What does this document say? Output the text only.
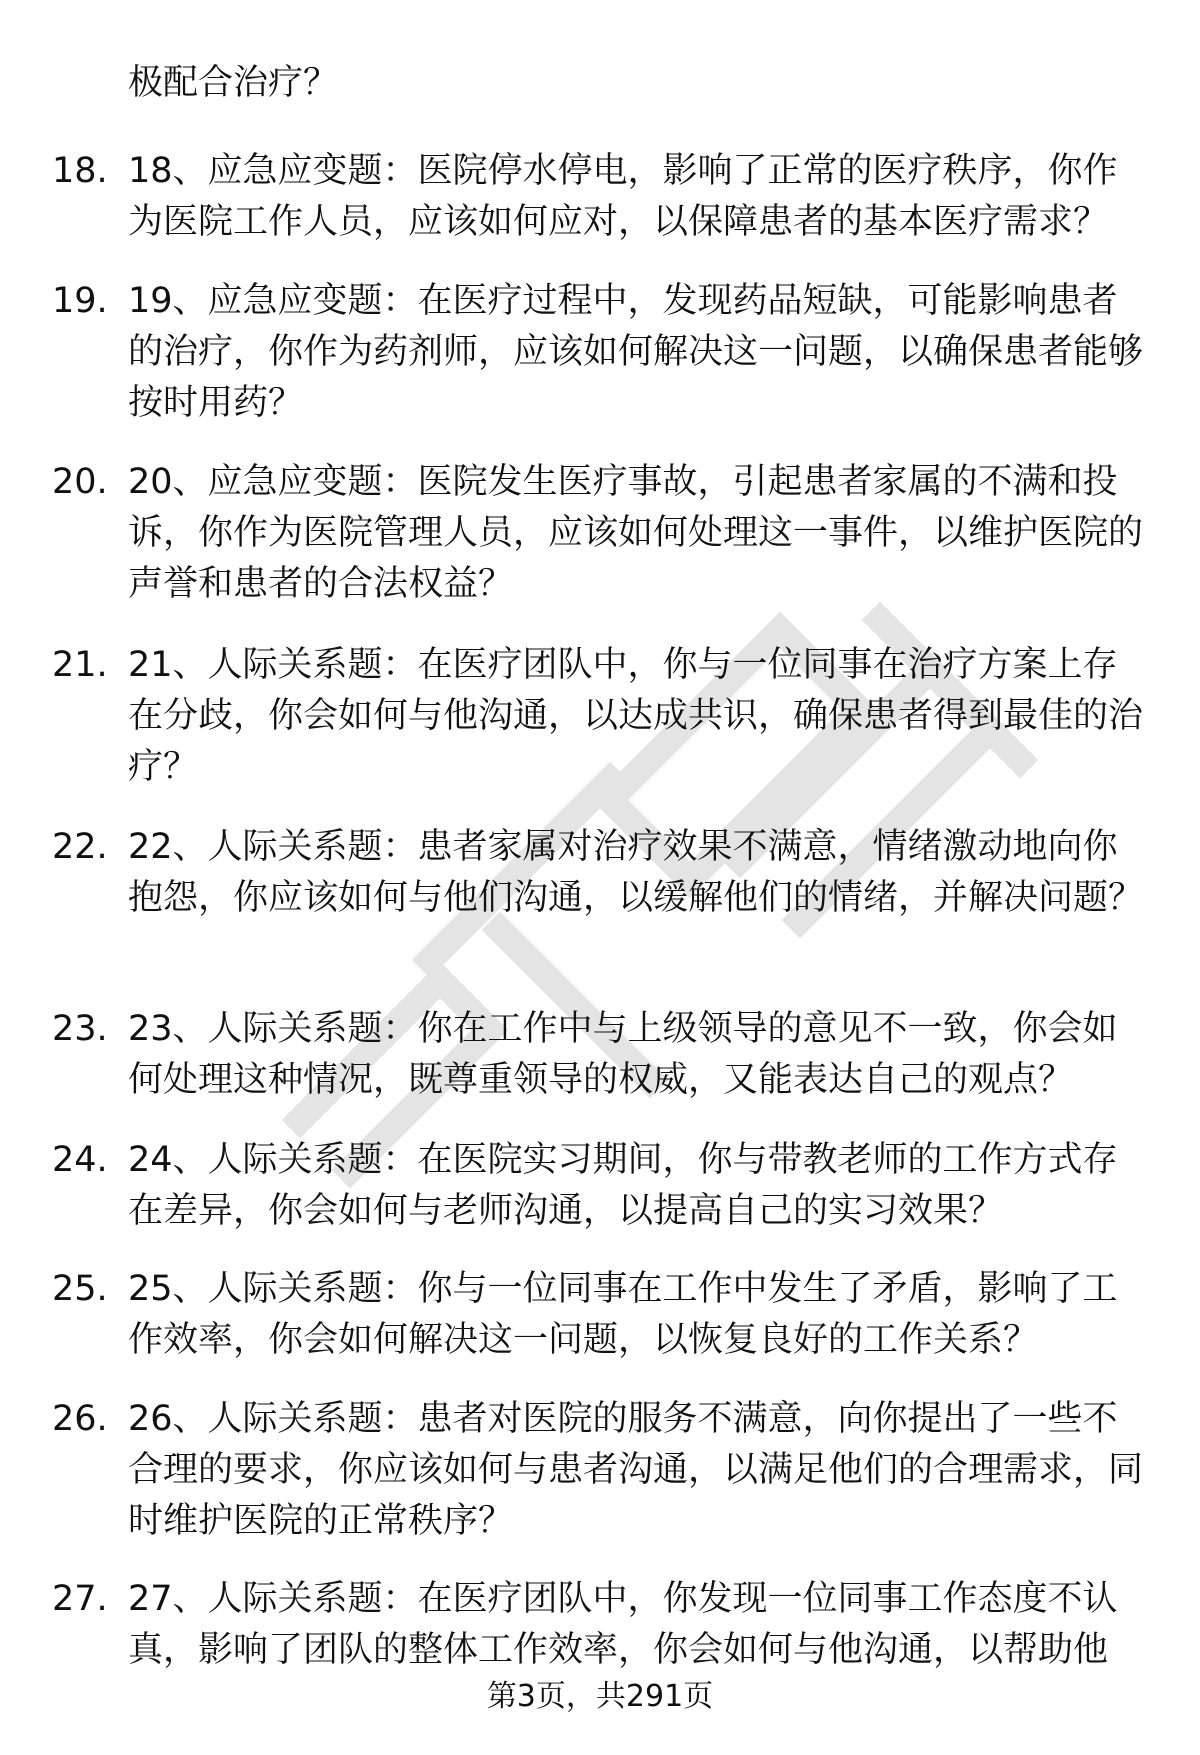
极配合治疗？
18. 18、应急应变题：医院停水停电，影响了正常的医疗秩序，你作为医院工作人员，应该如何应对，以保障患者的基本医疗需求？
19. 19、应急应变题：在医疗过程中，发现药品短缺，可能影响患者的治疗，你作为药剂师，应该如何解决这一问题，以确保患者能够按时用药？
20. 20、应急应变题：医院发生医疗事故，引起患者家属的不满和投诉，你作为医院管理人员，应该如何处理这一事件，以维护医院的声誉和患者的合法权益？
21. 21、人际关系题：在医疗团队中，你与一位同事在治疗方案上存在分歧，你会如何与他沟通，以达成共识，确保患者得到最佳的治疗？
22. 22、人际关系题：患者家属对治疗效果不满意，情绪激动地向你抱怨，你应该如何与他们沟通，以缓解他们的情绪，并解决问题？
23. 23、人际关系题：你在工作中与上级领导的意见不一致，你会如何处理这种情况，既尊重领导的权威，又能表达自己的观点？
24. 24、人际关系题：在医院实习期间，你与带教老师的工作方式存在差异，你会如何与老师沟通，以提高自己的实习效果？
25. 25、人际关系题：你与一位同事在工作中发生了矛盾，影响了工作效率，你会如何解决这一问题，以恢复良好的工作关系？
26. 26、人际关系题：患者对医院的服务不满意，向你提出了一些不合理的要求，你应该如何与患者沟通，以满足他们的合理需求，同时维护医院的正常秩序？
27. 27、人际关系题：在医疗团队中，你发现一位同事工作态度不认真，影响了团队的整体工作效率，你会如何与他沟通，以帮助他
第3页，共291页
